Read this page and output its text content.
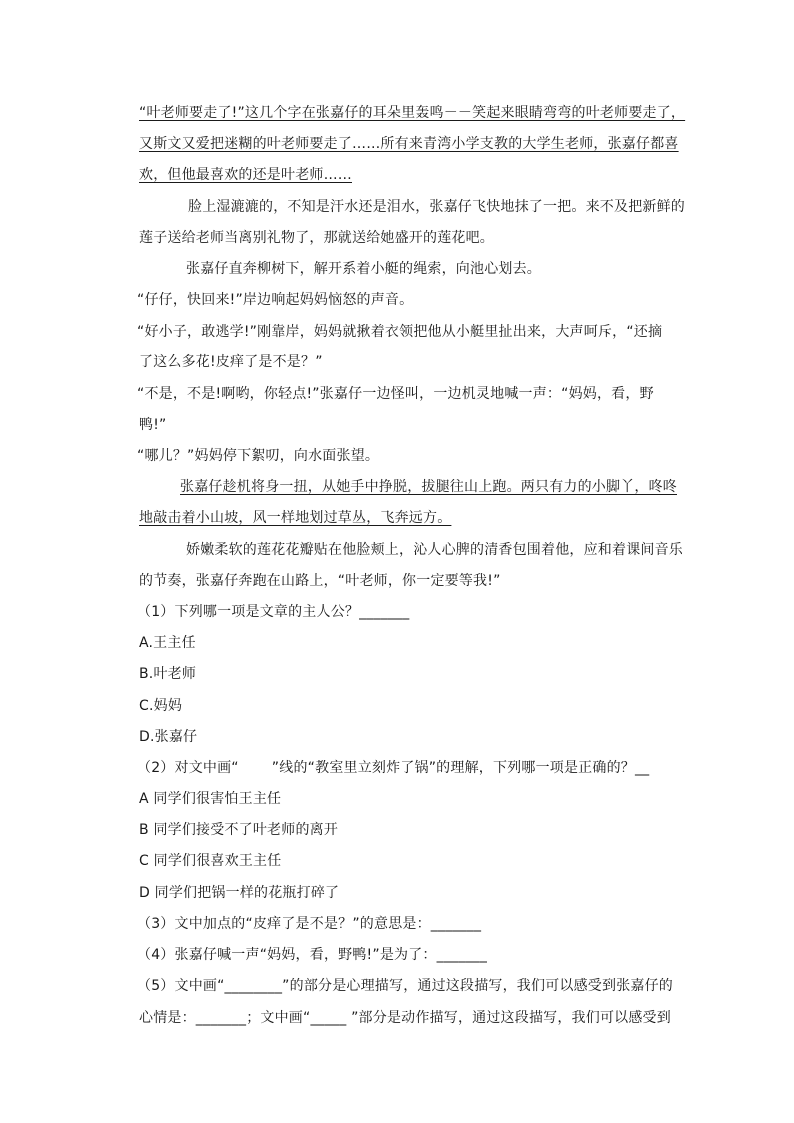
“叶老师要走了!”这几个字在张嘉仔的耳朵里轰鸣－－笑起来眼睛弯弯的叶老师要走了，
又斯文又爱把迷糊的叶老师要走了……所有来青湾小学支教的大学生老师，张嘉仔都喜
欢，但他最喜欢的还是叶老师……
脸上湿漉漉的，不知是汗水还是泪水，张嘉仔飞快地抹了一把。来不及把新鲜的
莲子送给老师当离别礼物了，那就送给她盛开的莲花吧。
张嘉仔直奔柳树下，解开系着小艇的绳索，向池心划去。
“仔仔，快回来!”岸边响起妈妈恼怒的声音。
“好小子，敢逃学!”刚靠岸，妈妈就揪着衣领把他从小艇里扯出来，大声呵斥，“还摘
了这么多花!皮痒了是不是？”
“不是，不是!啊哟，你轻点!”张嘉仔一边怪叫，一边机灵地喊一声：“妈妈，看，野
鸭!”
“哪儿？”妈妈停下絮叨，向水面张望。
张嘉仔趁机将身一扭，从她手中挣脱，拔腿往山上跑。两只有力的小脚丫，咚咚
地敲击着小山坡，风一样地划过草丛，飞奔远方。
娇嫩柔软的莲花花瓣贴在他脸颊上，沁人心脾的清香包围着他，应和着课间音乐
的节奏，张嘉仔奔跑在山路上，“叶老师，你一定要等我!”
（1）下列哪一项是文章的主人公？_______
A.王主任
B.叶老师
C.妈妈
D.张嘉仔
（2）对文中画“　　 ”线的“教室里立刻炸了锅”的理解，下列哪一项是正确的？__
A 同学们很害怕王主任
B 同学们接受不了叶老师的离开
C 同学们很喜欢王主任
D 同学们把锅一样的花瓶打碎了
（3）文中加点的“皮痒了是不是？”的意思是：_______
（4）张嘉仔喊一声“妈妈，看，野鸭!”是为了：_______
（5）文中画“________”的部分是心理描写，通过这段描写，我们可以感受到张嘉仔的
心情是：_______；文中画“_____ ”部分是动作描写，通过这段描写，我们可以感受到
